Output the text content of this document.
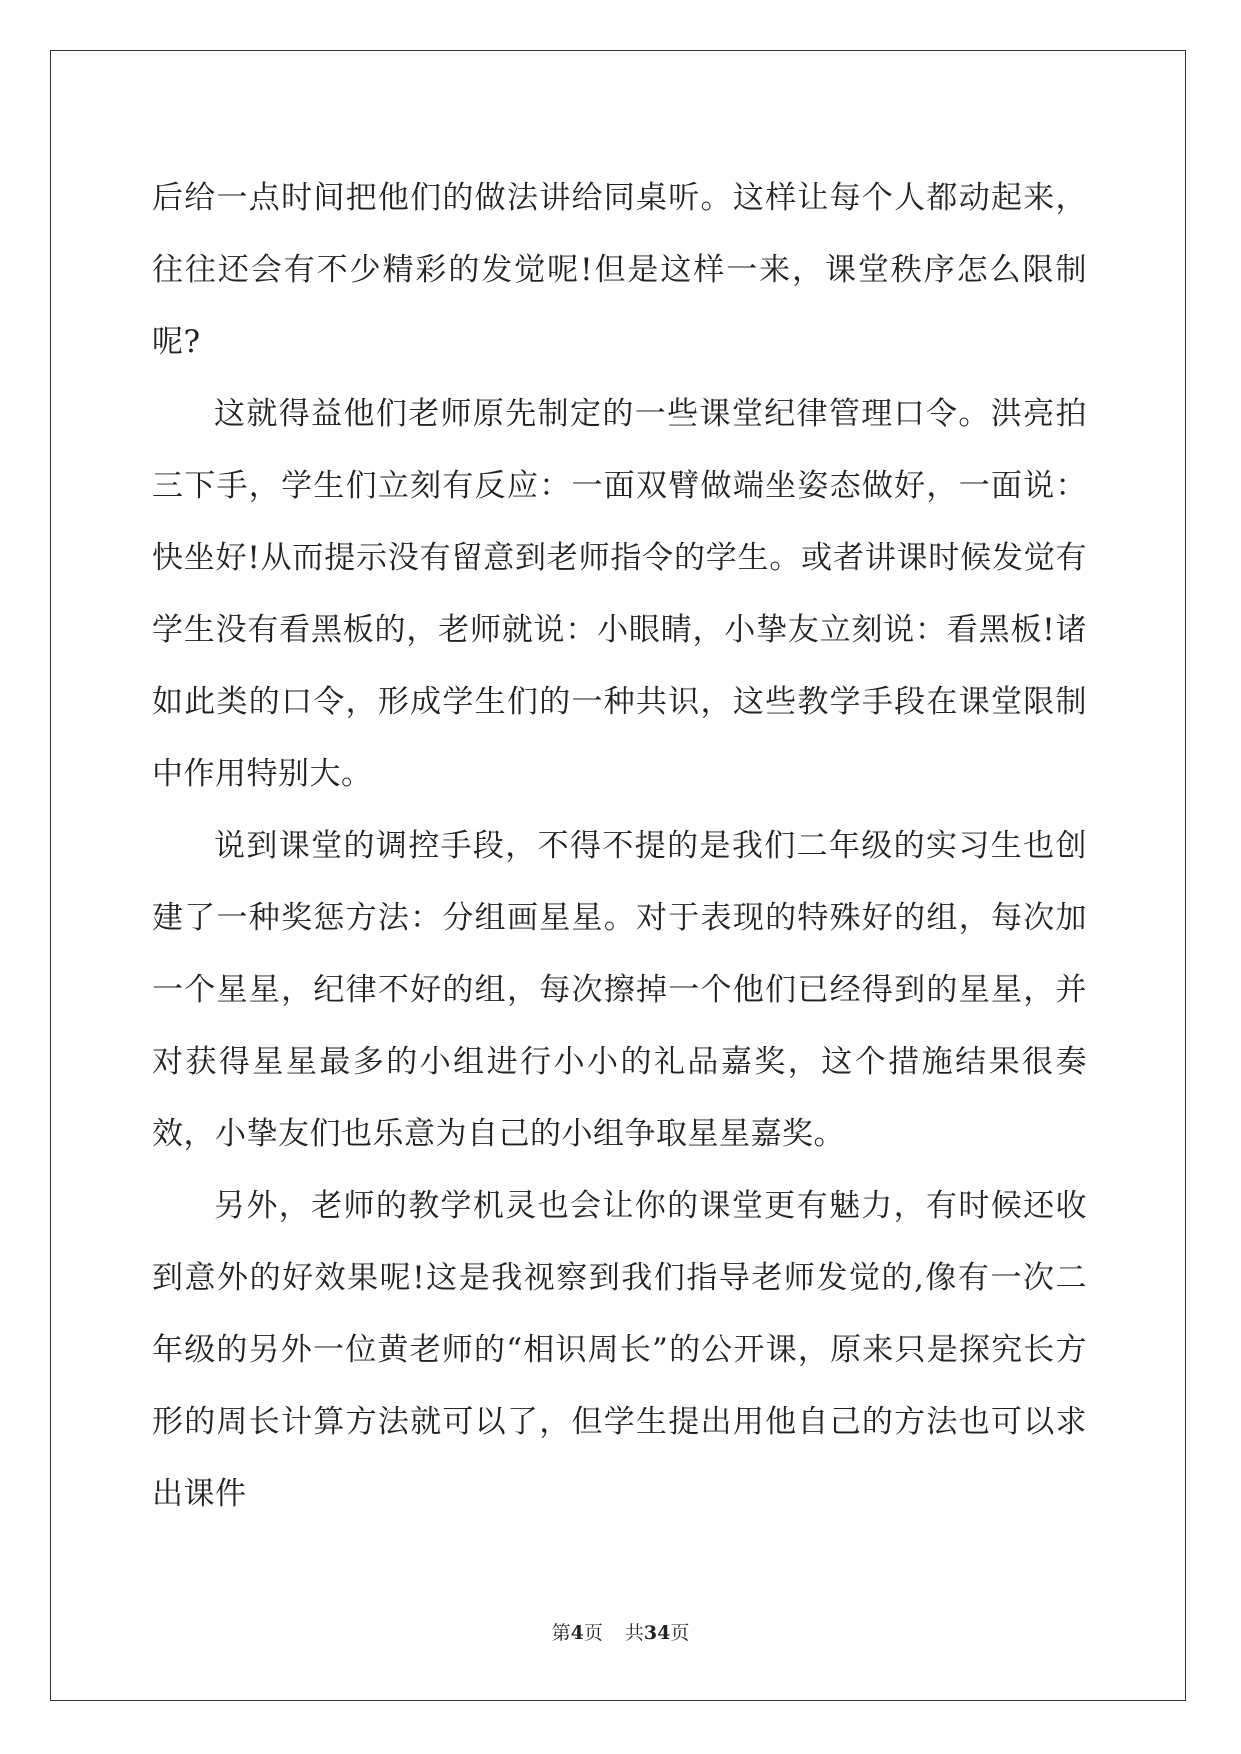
后给一点时间把他们的做法讲给同桌听。这样让每个人都动起来，往往还会有不少精彩的发觉呢!但是这样一来，课堂秩序怎么限制呢?

这就得益他们老师原先制定的一些课堂纪律管理口令。洪亮拍三下手，学生们立刻有反应：一面双臂做端坐姿态做好，一面说：快坐好!从而提示没有留意到老师指令的学生。或者讲课时候发觉有学生没有看黑板的，老师就说：小眼睛，小挚友立刻说：看黑板!诸如此类的口令，形成学生们的一种共识，这些教学手段在课堂限制中作用特别大。

说到课堂的调控手段，不得不提的是我们二年级的实习生也创建了一种奖惩方法：分组画星星。对于表现的特殊好的组，每次加一个星星，纪律不好的组，每次擦掉一个他们已经得到的星星，并对获得星星最多的小组进行小小的礼品嘉奖，这个措施结果很奏效，小挚友们也乐意为自己的小组争取星星嘉奖。

另外，老师的教学机灵也会让你的课堂更有魅力，有时候还收到意外的好效果呢!这是我视察到我们指导老师发觉的,像有一次二年级的另外一位黄老师的“相识周长”的公开课，原来只是探究长方形的周长计算方法就可以了，但学生提出用他自己的方法也可以求出课件

第4页 共34页
